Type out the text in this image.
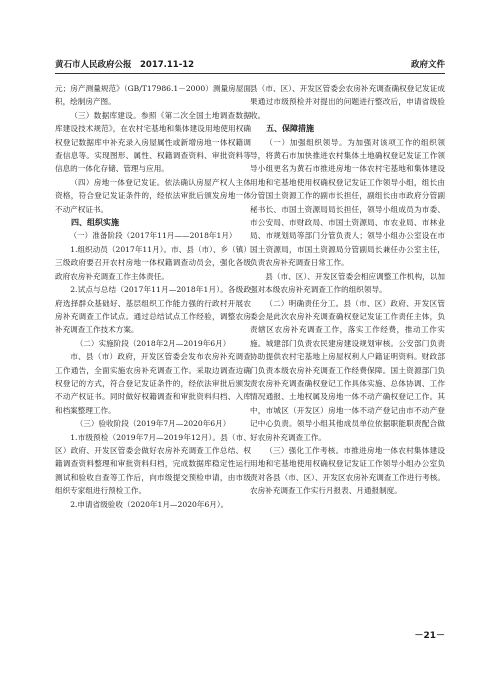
黄石市人民政府公报　2017.11-12	政府文件

元；房产测量规范》（GB/T17986.1－2000）测量房屋面积，绘制房产图。

（三）数据库建设。参照《第二次全国土地调查数据库建设技术规范》，在农村宅基地和集体建设用地使用权确权登记数据库中补充录入房屋属性或新增房地一体权籍调查信息等。实现图形、属性、权籍调查资料、审批资料等信息的一体化存储、管理与应用。

（四）房地一体登记发证。依法确认房屋产权人主体资格，符合登记发证条件的，经依法审批后颁发房地一体不动产权证书。

四、组织实施

（一）准备阶段（2017年11月——2018年1月）

1.组织动员（2017年11月）。市、县（市）、乡（镇）三级政府要召开农村房地一体权籍调查动员会，强化各级政府农房补充调查工作主体责任。

2.试点与总结（2017年11月—2018年1月）。各级政府选择群众基础好、基层组织工作能力强的行政村开展农房补充调查工作试点。通过总结试点工作经验，调整农房补充调查工作技术方案。

（二）实施阶段（2018年2月—2019年6月）

市、县（市）政府，开发区管委会发布农房补充调查工作通告，全面实施农房补充调查工作。采取边调查边确权登记的方式，符合登记发证条件的，经依法审批后颁发不动产权证书。同时做好权籍调查和审批资料归档、入库和档案整理工作。

（三）验收阶段（2019年7月—2020年6月）

1.市级预检（2019年7月—2019年12月）。县（市、区）政府、开发区管委会做好农房补充调查工作总结、权籍调查资料整理和审批资料归档，完成数据库稳定性运行测试和验收自查等工作后，向市级提交预检申请，由市级组织专家组进行预检工作。

2.申请省级验收（2020年1月—2020年6月）。

县（市、区）、开发区管委会农房补充调查确权登记发证成果通过市级预检并对提出的问题进行整改后，申请省级验收。

五、保障措施

（一）加强组织领导。为加强对该项工作的组织领导，将黄石市加快推进农村集体土地确权登记发证工作领导小组更名为黄石市推进房地一体农村宅基地和集体建设用地和宅基地使用权确权登记发证工作领导小组，组长由分管国土资源工作的副市长担任，副组长由市政府分管副秘书长、市国土资源局局长担任，领导小组成员为市委、市公安局、市财政局、市国土资源局、市农业局、市林业局、市规划局等部门分管负责人；领导小组办公室设在市国土资源局，市国土资源局分管副局长兼任办公室主任，负责农房补充调查日常工作。

县（市、区）、开发区管委会相应调整工作机构，以加强对本级农房补充调查工作的组织领导。

（二）明确责任分工。县（市、区）政府、开发区管委会是此次农房补充调查确权登记发证工作责任主体，负责辖区农房补充调查工作，落实工作经费，推动工作实施。城建部门负责农民建房建设规划审核。公安部门负责协助提供农村宅基地上房屋权利人户籍证明资料。财政部门负责本级农房补充调查工作经费保障。国土资源部门负责农房补充调查确权登记工作具体实施、总体协调、工作情况通报、土地权属及房地一体不动产确权登记工作。其中，市城区（开发区）房地一体不动产登记由市不动产登记中心负责。领导小组其他成员单位依据职能职责配合做好农房补充调查工作。

（三）强化工作考核。市推进房地一体农村集体建设用地和宅基地使用权确权登记发证工作领导小组办公室负责对各县（市、区）、开发区农房补充调查工作进行考核。农房补充调查工作实行月报表、月通报制度。

－21－
